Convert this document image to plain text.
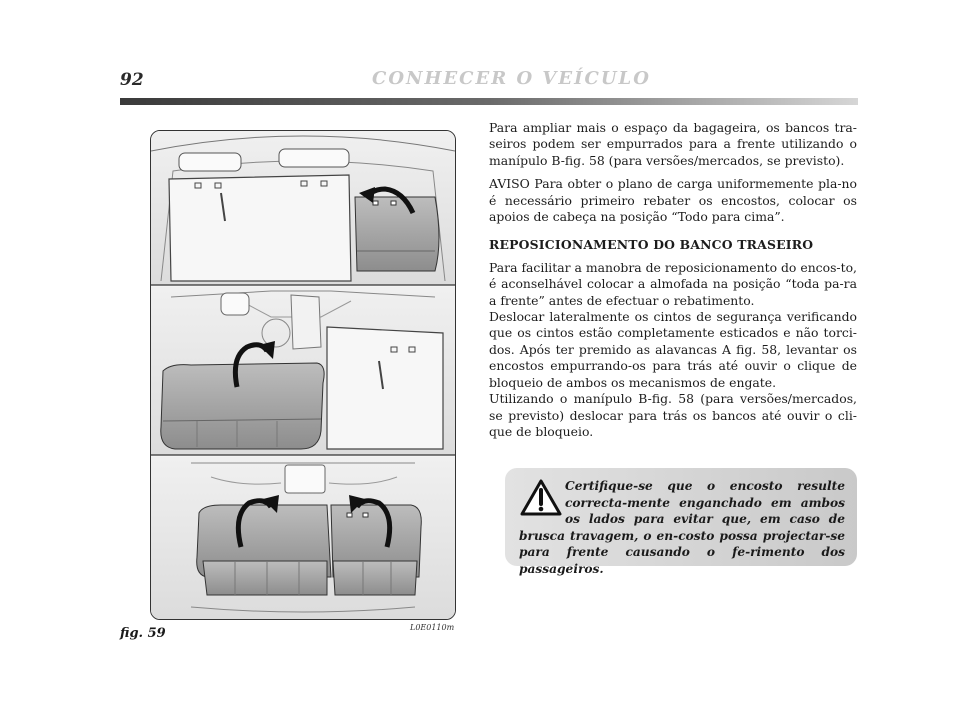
92	CONHECER O VEÍCULO
fig. 59	L0E0110m

Para ampliar mais o espaço da bagageira, os bancos tra-seiros podem ser empurrados para a frente utilizando o manípulo B-fig. 58 (para versões/mercados, se previsto).

AVISO Para obter o plano de carga uniformemente pla-no é necessário primeiro rebater os encostos, colocar os apoios de cabeça na posição “Todo para cima”.

REPOSICIONAMENTO DO BANCO TRASEIRO

Para facilitar a manobra de reposicionamento do encos-to, é aconselhável colocar a almofada na posição “toda pa-ra a frente” antes de efectuar o rebatimento.

Deslocar lateralmente os cintos de segurança verificando que os cintos estão completamente esticados e não torci-dos. Após ter premido as alavancas A fig. 58, levantar os encostos empurrando-os para trás até ouvir o clique de bloqueio de ambos os mecanismos de engate.

Utilizando o manípulo B-fig. 58 (para versões/mercados, se previsto) deslocar para trás os bancos até ouvir o cli-que de bloqueio.

Certifique-se que o encosto resulte correcta-mente enganchado em ambos os lados para evitar que, em caso de brusca travagem, o en-costo possa projectar-se para frente causando o fe-rimento dos passageiros.
